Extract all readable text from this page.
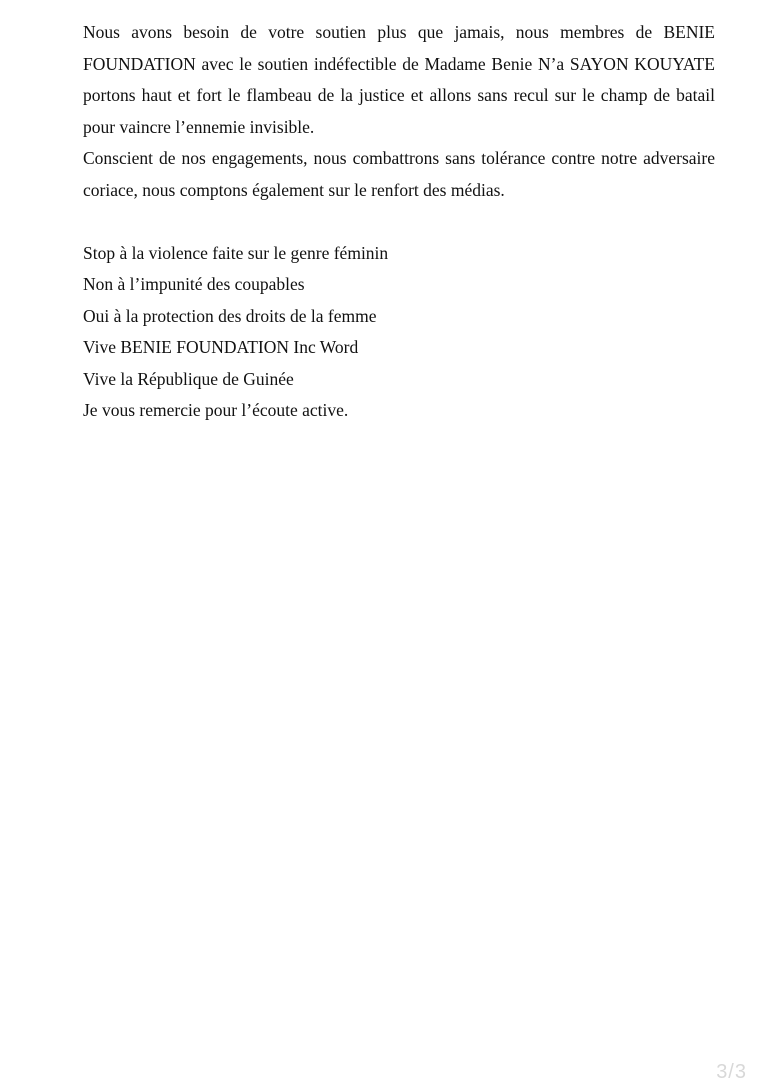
Nous avons besoin de votre soutien plus que jamais, nous membres de BENIE FOUNDATION avec le soutien indéfectible de Madame Benie N’a SAYON KOUYATE portons haut et fort le flambeau de la justice et allons sans recul sur le champ de batail pour vaincre l’ennemie invisible.

Conscient de nos engagements, nous combattrons sans tolérance contre notre adversaire coriace, nous comptons également sur le renfort des médias.

Stop à la violence faite sur le genre féminin
Non à l’impunité des coupables
Oui à la protection des droits de la femme
Vive BENIE FOUNDATION Inc Word
Vive la République de Guinée
Je vous remercie pour l’écoute active.
3/3
